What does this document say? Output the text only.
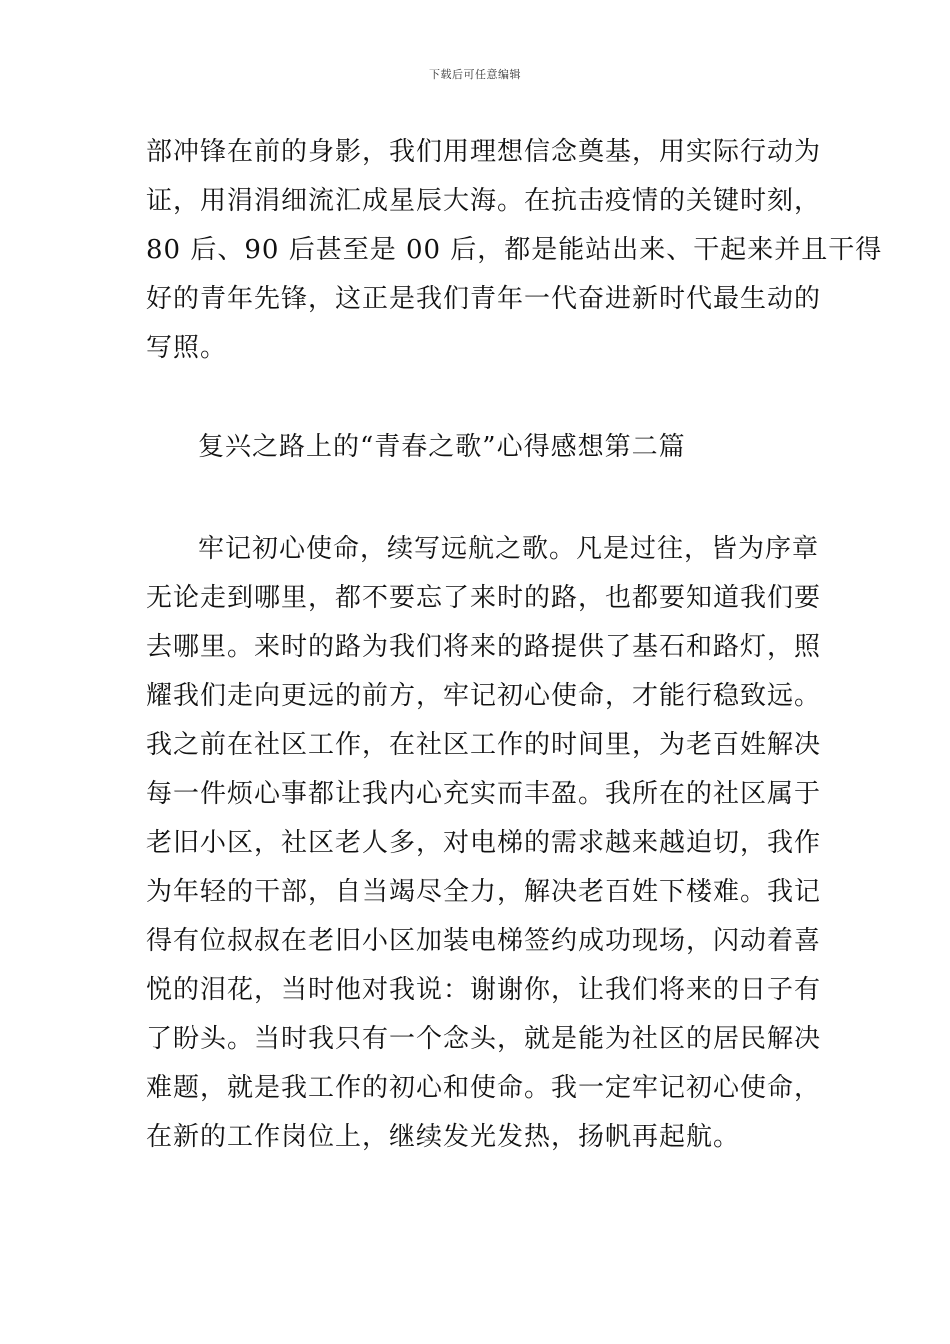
下载后可任意编辑
部冲锋在前的身影，我们用理想信念奠基，用实际行动为
证，用涓涓细流汇成星辰大海。在抗击疫情的关键时刻，
80 后、90 后甚至是 00 后，都是能站出来、干起来并且干得
好的青年先锋，这正是我们青年一代奋进新时代最生动的
写照。
复兴之路上的“青春之歌”心得感想第二篇
牢记初心使命，续写远航之歌。凡是过往，皆为序章
无论走到哪里，都不要忘了来时的路，也都要知道我们要
去哪里。来时的路为我们将来的路提供了基石和路灯，照
耀我们走向更远的前方，牢记初心使命，才能行稳致远。
我之前在社区工作，在社区工作的时间里，为老百姓解决
每一件烦心事都让我内心充实而丰盈。我所在的社区属于
老旧小区，社区老人多，对电梯的需求越来越迫切，我作
为年轻的干部，自当竭尽全力，解决老百姓下楼难。我记
得有位叔叔在老旧小区加装电梯签约成功现场，闪动着喜
悦的泪花，当时他对我说：谢谢你，让我们将来的日子有
了盼头。当时我只有一个念头，就是能为社区的居民解决
难题，就是我工作的初心和使命。我一定牢记初心使命，
在新的工作岗位上，继续发光发热，扬帆再起航。
